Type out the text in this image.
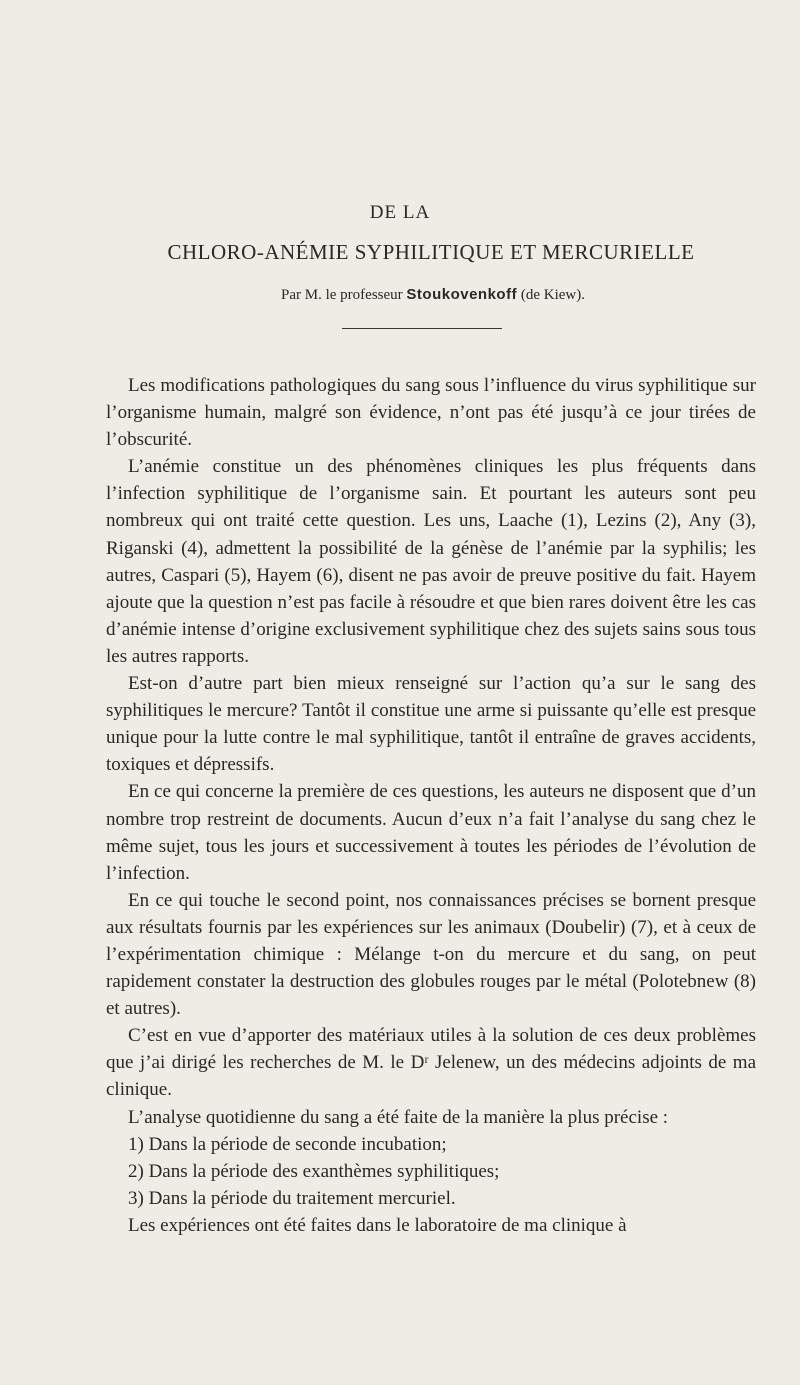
DE LA
CHLORO-ANÉMIE SYPHILITIQUE ET MERCURIELLE
Par M. le professeur Stoukovenkoff (de Kiew).

Les modifications pathologiques du sang sous l’influence du virus syphilitique sur l’organisme humain, malgré son évidence, n’ont pas été jusqu’à ce jour tirées de l’obscurité.

L’anémie constitue un des phénomènes cliniques les plus fréquents dans l’infection syphilitique de l’organisme sain. Et pourtant les auteurs sont peu nombreux qui ont traité cette question. Les uns, Laache (1), Lezins (2), Any (3), Riganski (4), admettent la possibilité de la génèse de l’anémie par la syphilis; les autres, Caspari (5), Hayem (6), disent ne pas avoir de preuve positive du fait. Hayem ajoute que la question n’est pas facile à résoudre et que bien rares doivent être les cas d’anémie intense d’origine exclusivement syphilitique chez des sujets sains sous tous les autres rapports.

Est-on d’autre part bien mieux renseigné sur l’action qu’a sur le sang des syphilitiques le mercure? Tantôt il constitue une arme si puissante qu’elle est presque unique pour la lutte contre le mal syphilitique, tantôt il entraîne de graves accidents, toxiques et dépressifs.

En ce qui concerne la première de ces questions, les auteurs ne disposent que d’un nombre trop restreint de documents. Aucun d’eux n’a fait l’analyse du sang chez le même sujet, tous les jours et successivement à toutes les périodes de l’évolution de l’infection.

En ce qui touche le second point, nos connaissances précises se bornent presque aux résultats fournis par les expériences sur les animaux (Doubelir) (7), et à ceux de l’expérimentation chimique : Mélange t-on du mercure et du sang, on peut rapidement constater la destruction des globules rouges par le métal (Polotebnew (8) et autres).

C’est en vue d’apporter des matériaux utiles à la solution de ces deux problèmes que j’ai dirigé les recherches de M. le Dʳ Jelenew, un des médecins adjoints de ma clinique.

L’analyse quotidienne du sang a été faite de la manière la plus précise :

1) Dans la période de seconde incubation;

2) Dans la période des exanthèmes syphilitiques;

3) Dans la période du traitement mercuriel.

Les expériences ont été faites dans le laboratoire de ma clinique à
